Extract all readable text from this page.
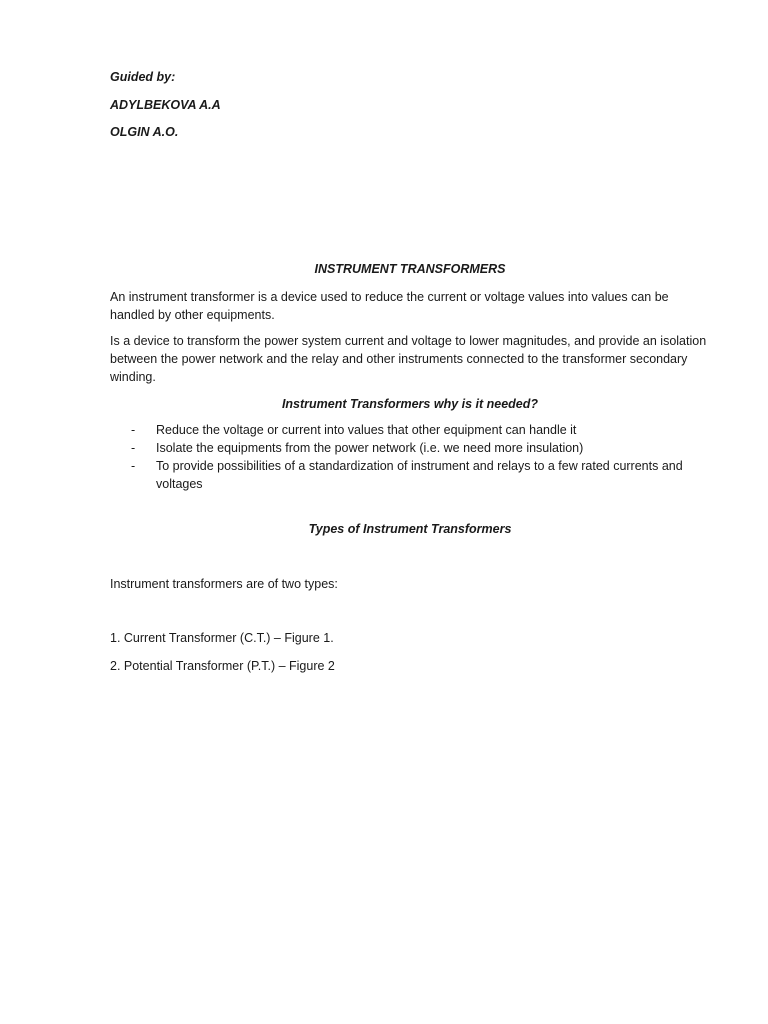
Guided by:

ADYLBEKOVA A.A

OLGIN A.O.

INSTRUMENT TRANSFORMERS

An instrument transformer is a device used to reduce the current or voltage values into values can be handled by other equipments.

Is a device to transform the power system current and voltage to lower magnitudes, and provide an isolation between the power network and the relay and other instruments connected to the transformer secondary winding.

Instrument Transformers why is it needed?

- Reduce the voltage or current into values that other equipment can handle it
- Isolate the equipments from the power network (i.e. we need more insulation)
- To provide possibilities of a standardization of instrument and relays to a few rated currents and voltages

Types of Instrument Transformers

Instrument transformers are of two types:

1. Current Transformer (C.T.) – Figure 1.

2. Potential Transformer (P.T.) – Figure 2
